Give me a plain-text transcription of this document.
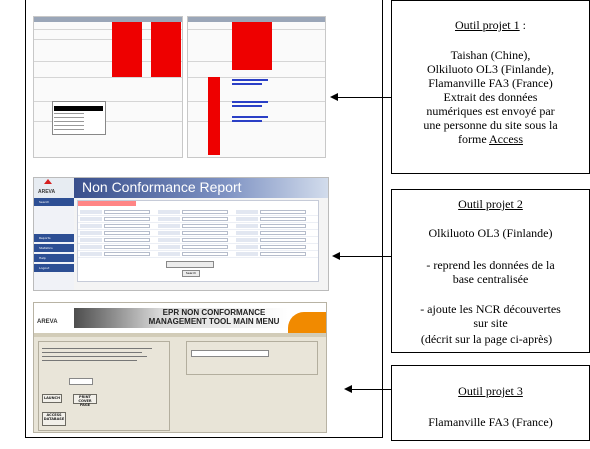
AREVA Non Conformance Report
Search
Reports
Statistics
Help
Logout
Search
EPR NON CONFORMANCE
MANAGEMENT TOOL MAIN MENU
AREVA
LAUNCH	PRINT COVER PAGE
ACCESS DATABASE
Outil projet 1 :
Taishan (Chine),
Olkiluoto OL3 (Finlande),
Flamanville FA3 (France)
Extrait des données
numériques est envoyé par
une personne du site sous la
forme Access
Outil projet 2
Olkiluoto OL3 (Finlande)
- reprend les données de la
base centralisée
- ajoute les NCR découvertes
sur site
(décrit sur la page ci-après)
Outil projet 3
Flamanville FA3 (France)
